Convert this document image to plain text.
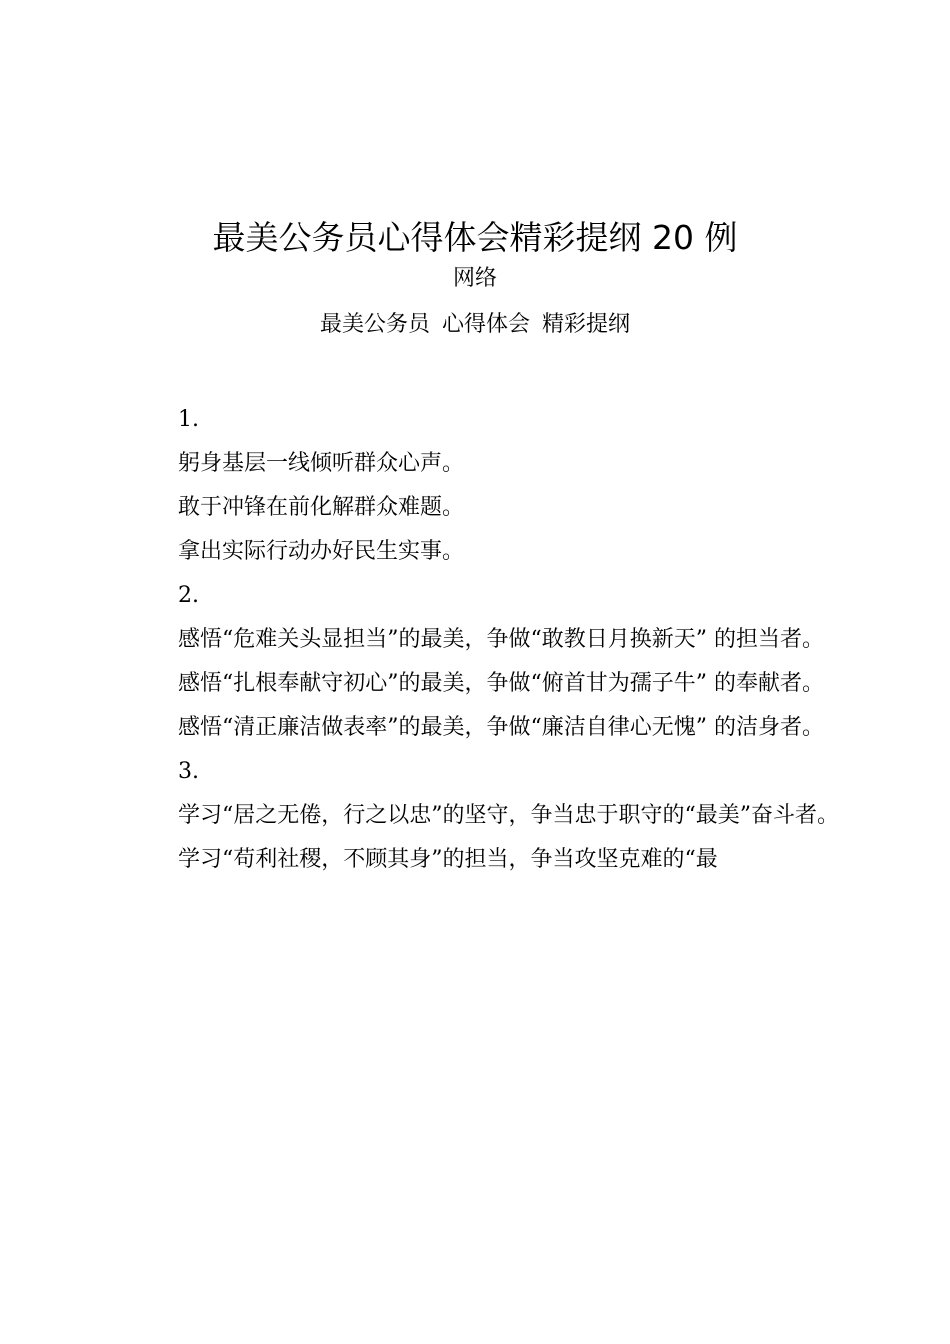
最美公务员心得体会精彩提纲 20 例
网络
最美公务员 心得体会 精彩提纲

1.

躬身基层一线倾听群众心声。

敢于冲锋在前化解群众难题。

拿出实际行动办好民生实事。

2.

感悟“危难关头显担当”的最美，争做“敢教日月换新天” 的担当者。

感悟“扎根奉献守初心”的最美，争做“俯首甘为孺子牛” 的奉献者。

感悟“清正廉洁做表率”的最美，争做“廉洁自律心无愧” 的洁身者。

3.

学习“居之无倦，行之以忠”的坚守，争当忠于职守的“最美”奋斗者。

学习“苟利社稷，不顾其身”的担当，争当攻坚克难的“最
